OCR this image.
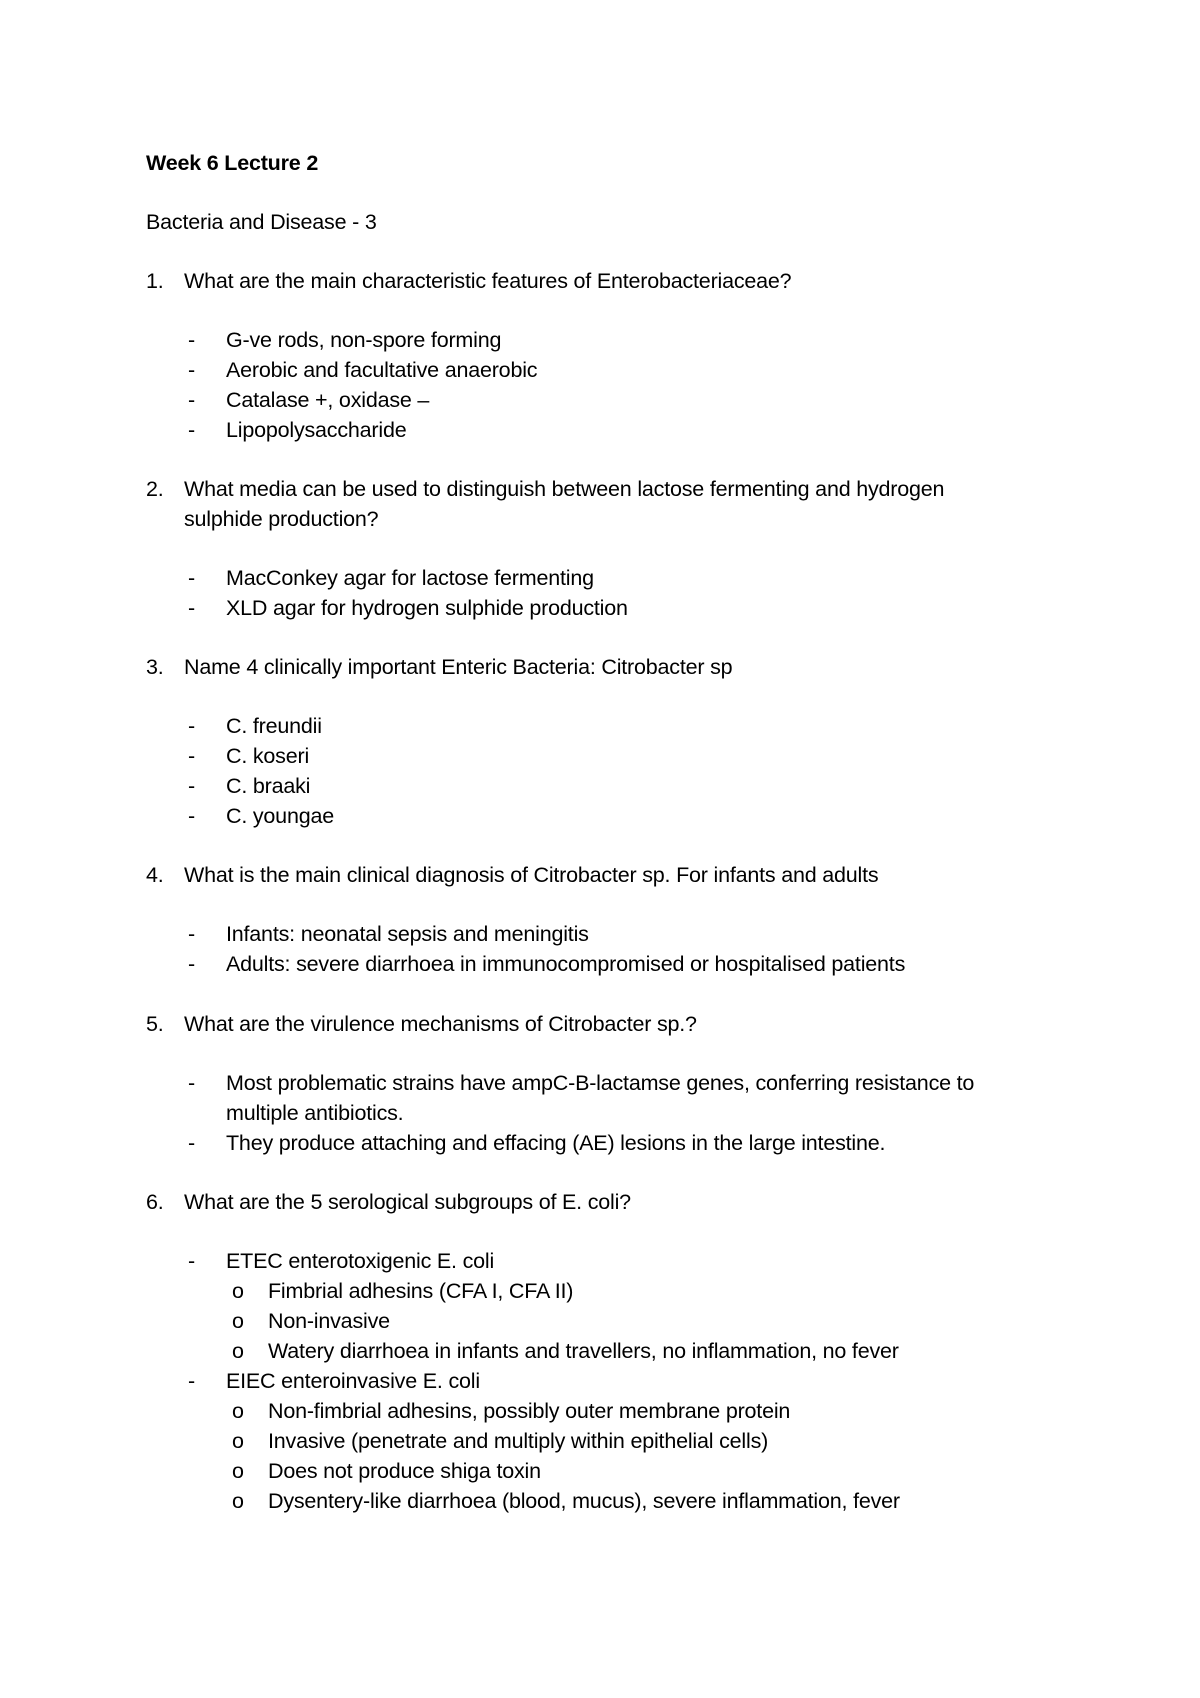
Week 6 Lecture 2
Bacteria and Disease - 3
1. What are the main characteristic features of Enterobacteriaceae?
- G-ve rods, non-spore forming
- Aerobic and facultative anaerobic
- Catalase +, oxidase –
- Lipopolysaccharide
2. What media can be used to distinguish between lactose fermenting and hydrogen
sulphide production?
- MacConkey agar for lactose fermenting
- XLD agar for hydrogen sulphide production
3. Name 4 clinically important Enteric Bacteria: Citrobacter sp
- C. freundii
- C. koseri
- C. braaki
- C. youngae
4. What is the main clinical diagnosis of Citrobacter sp. For infants and adults
- Infants: neonatal sepsis and meningitis
- Adults: severe diarrhoea in immunocompromised or hospitalised patients
5. What are the virulence mechanisms of Citrobacter sp.?
- Most problematic strains have ampC-B-lactamse genes, conferring resistance to
multiple antibiotics.
- They produce attaching and effacing (AE) lesions in the large intestine.
6. What are the 5 serological subgroups of E. coli?
- ETEC enterotoxigenic E. coli
o Fimbrial adhesins (CFA I, CFA II)
o Non-invasive
o Watery diarrhoea in infants and travellers, no inflammation, no fever
- EIEC enteroinvasive E. coli
o Non-fimbrial adhesins, possibly outer membrane protein
o Invasive (penetrate and multiply within epithelial cells)
o Does not produce shiga toxin
o Dysentery-like diarrhoea (blood, mucus), severe inflammation, fever
